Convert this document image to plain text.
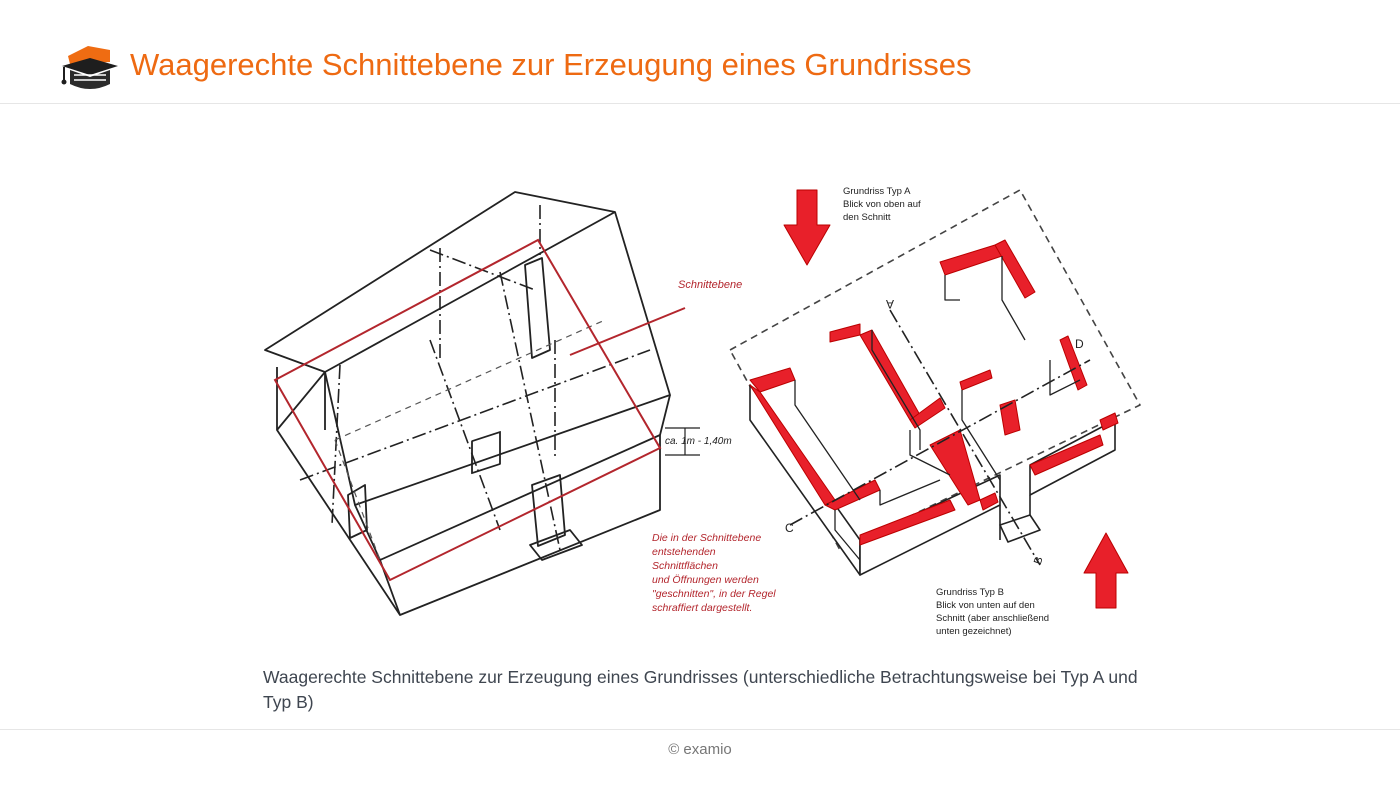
Waagerechte Schnittebene zur Erzeugung eines Grundrisses
Schnittebene
ca. 1m - 1,40m
Grundriss Typ A
Blick von oben auf
den Schnitt
Grundriss Typ B
Blick von unten auf den
Schnitt (aber anschließend
unten gezeichnet)
Die in der Schnittebene
entstehenden
Schnittflächen
und Öffnungen werden
"geschnitten", in der Regel
schraffiert dargestellt.
A
B
C
D
Waagerechte Schnittebene zur Erzeugung eines Grundrisses (unterschiedliche Betrachtungsweise bei Typ A und Typ B)
© examio
